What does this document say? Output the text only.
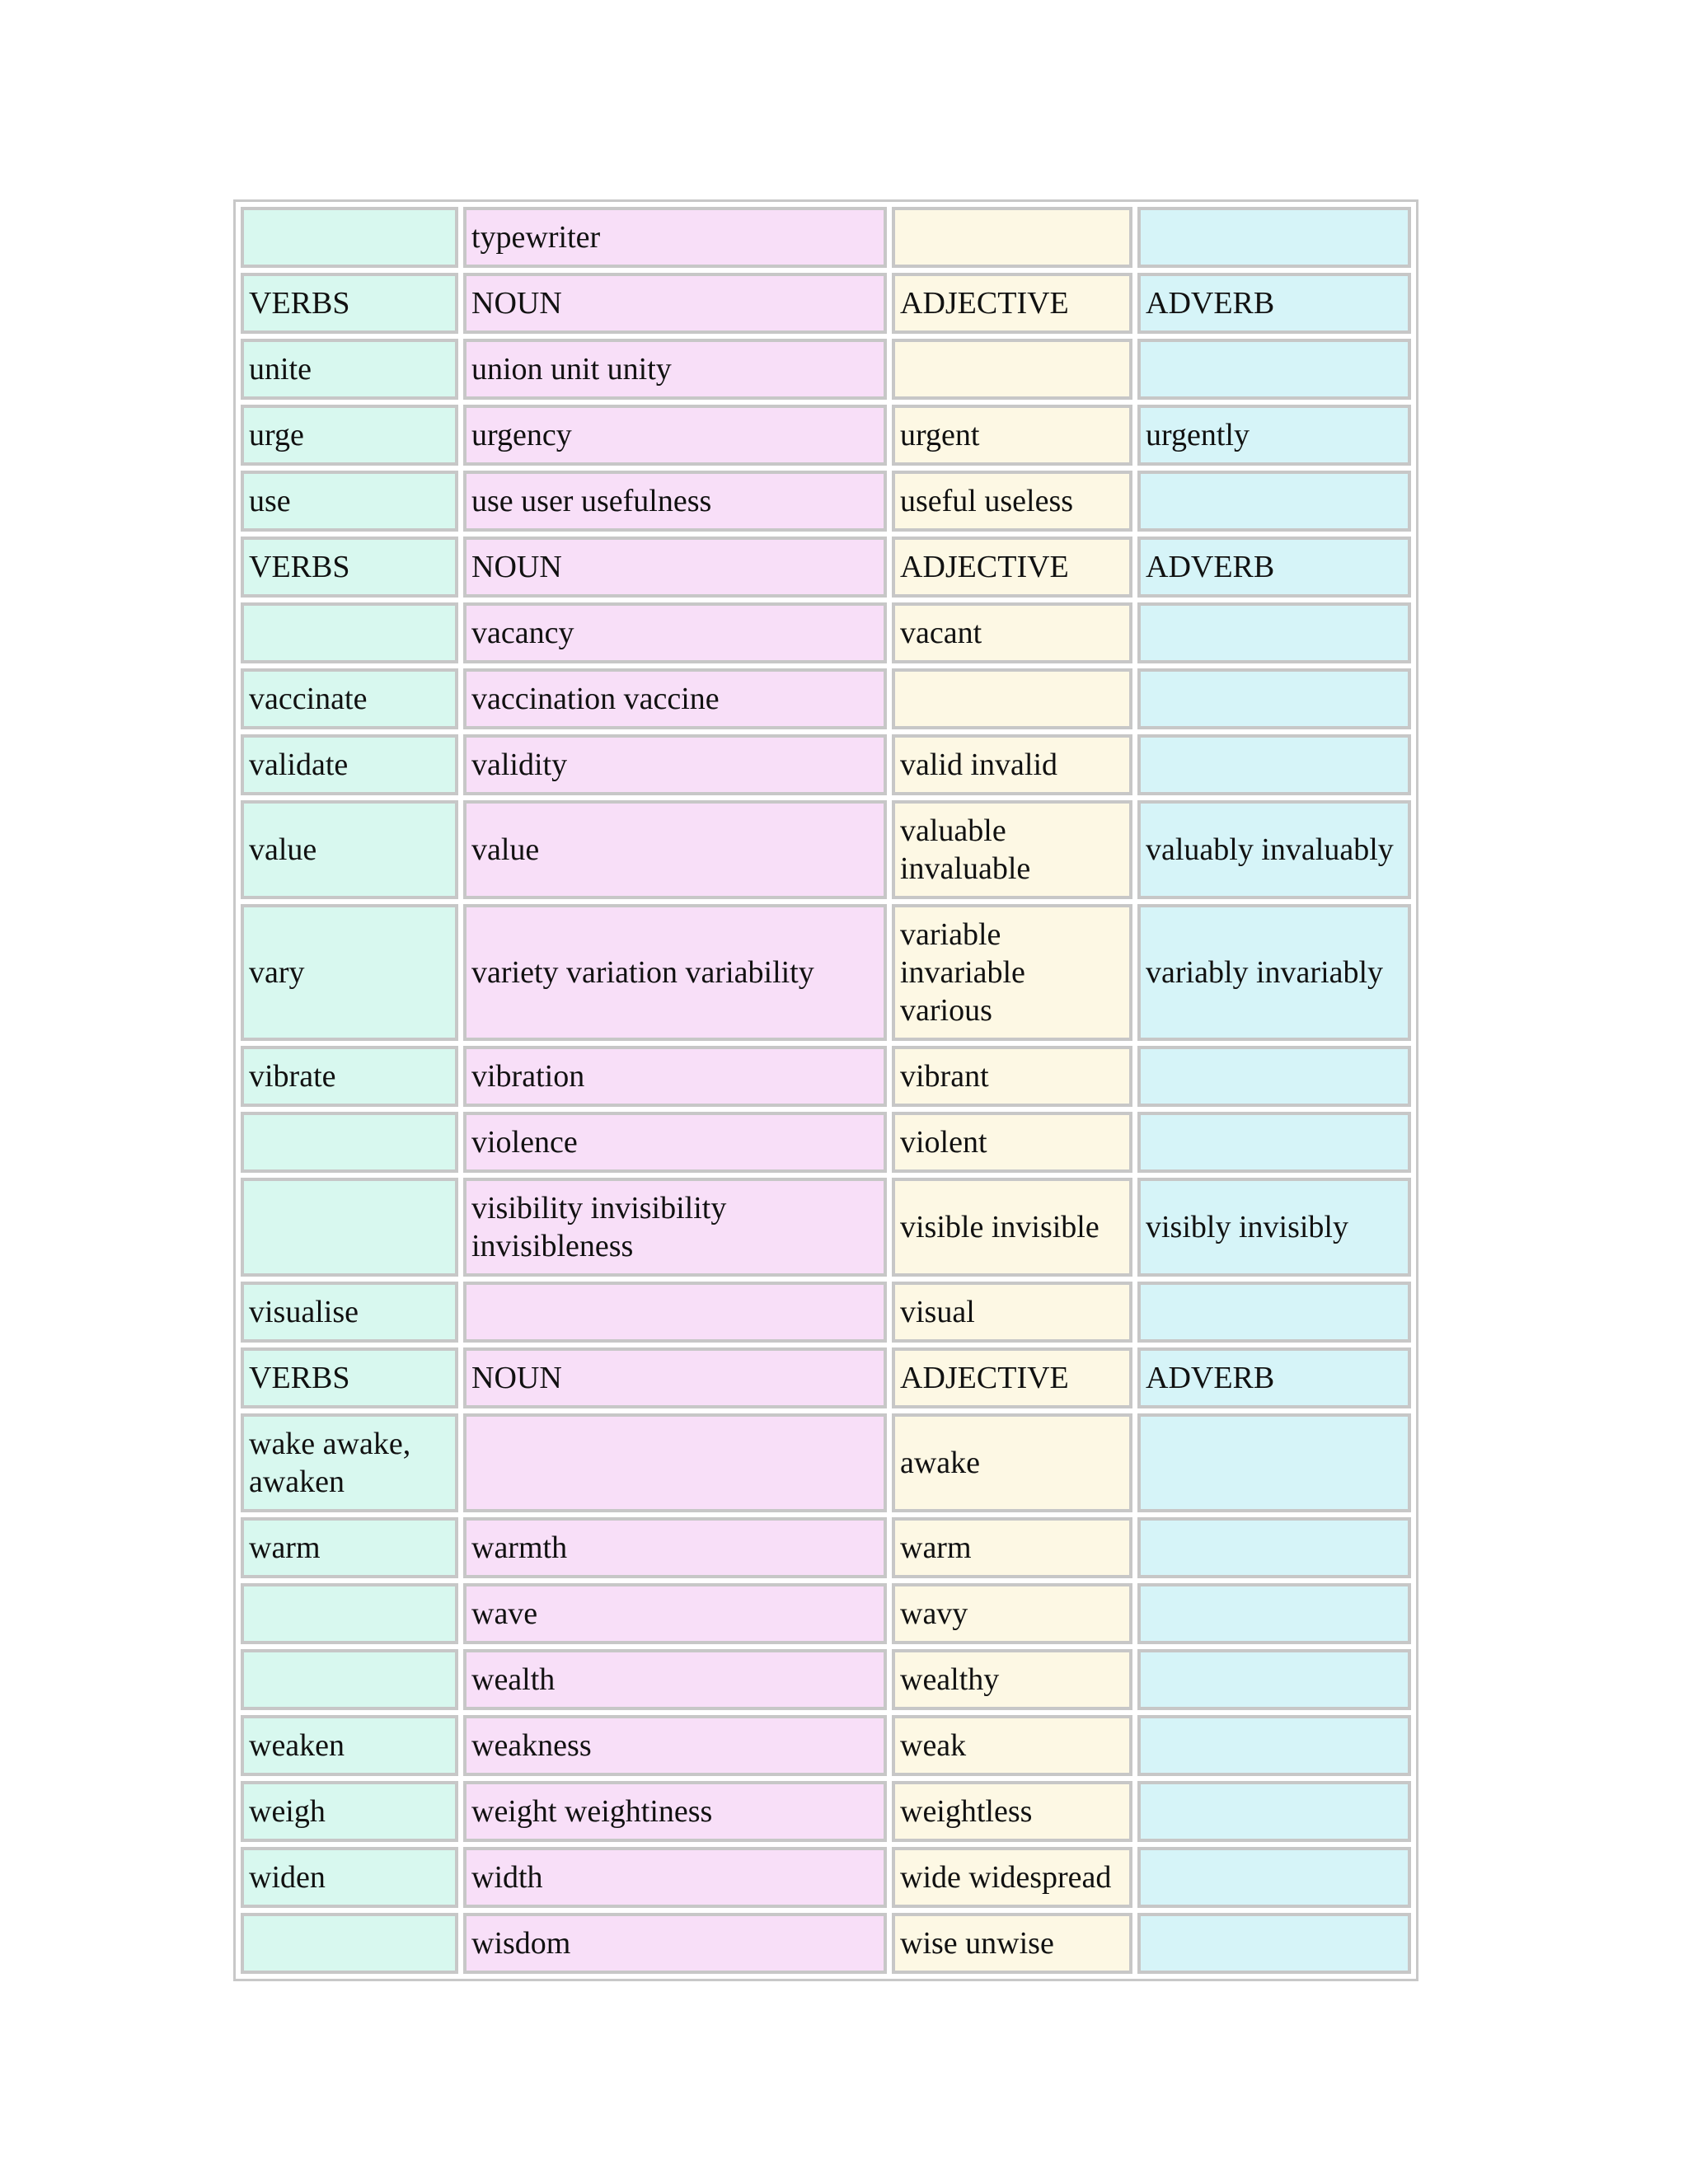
	typewriter		
VERBS	NOUN	ADJECTIVE	ADVERB
unite	union unit unity		
urge	urgency	urgent	urgently
use	use user usefulness	useful useless	
VERBS	NOUN	ADJECTIVE	ADVERB
	vacancy	vacant	
vaccinate	vaccination vaccine		
validate	validity	valid invalid	
value	value	valuable invaluable	valuably invaluably
vary	variety variation variability	variable invariable various	variably invariably
vibrate	vibration	vibrant	
	violence	violent	
	visibility invisibility invisibleness	visible invisible	visibly invisibly
visualise		visual	
VERBS	NOUN	ADJECTIVE	ADVERB
wake awake, awaken		awake	
warm	warmth	warm	
	wave	wavy	
	wealth	wealthy	
weaken	weakness	weak	
weigh	weight weightiness	weightless	
widen	width	wide widespread	
	wisdom	wise unwise	
